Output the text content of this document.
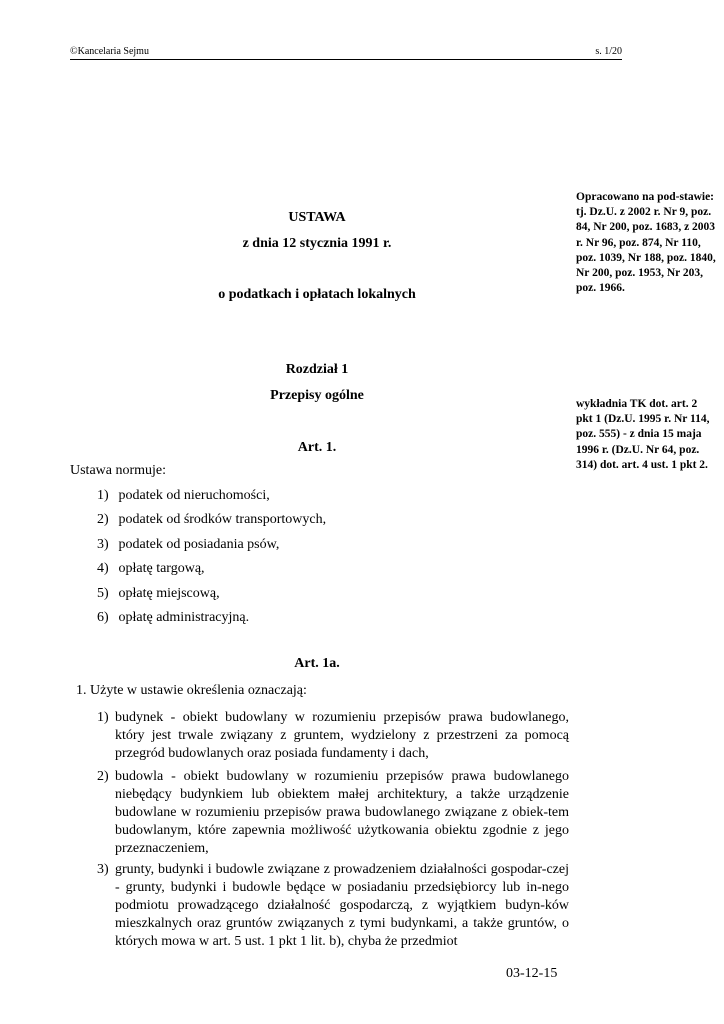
©Kancelaria Sejmu	s. 1/20
USTAWA
z dnia 12 stycznia 1991 r.
o podatkach i opłatach lokalnych
Opracowano na pod-stawie: tj. Dz.U. z 2002 r. Nr 9, poz. 84, Nr 200, poz. 1683, z 2003 r. Nr 96, poz. 874, Nr 110, poz. 1039, Nr 188, poz. 1840, Nr 200, poz. 1953, Nr 203, poz. 1966.
wykładnia TK dot. art. 2 pkt 1 (Dz.U. 1995 r. Nr 114, poz. 555) - z dnia 15 maja 1996 r. (Dz.U. Nr 64, poz. 314) dot. art. 4 ust. 1 pkt 2.
Rozdział 1
Przepisy ogólne
Art. 1.
Ustawa normuje:
1) podatek od nieruchomości,
2) podatek od środków transportowych,
3) podatek od posiadania psów,
4) opłatę targową,
5) opłatę miejscową,
6) opłatę administracyjną.
Art. 1a.
1. Użyte w ustawie określenia oznaczają:
1) budynek - obiekt budowlany w rozumieniu przepisów prawa budowlanego, który jest trwale związany z gruntem, wydzielony z przestrzeni za pomocą przegród budowlanych oraz posiada fundamenty i dach,
2) budowla - obiekt budowlany w rozumieniu przepisów prawa budowlanego niebędący budynkiem lub obiektem małej architektury, a także urządzenie budowlane w rozumieniu przepisów prawa budowlanego związane z obiek-tem budowlanym, które zapewnia możliwość użytkowania obiektu zgodnie z jego przeznaczeniem,
3) grunty, budynki i budowle związane z prowadzeniem działalności gospodar-czej - grunty, budynki i budowle będące w posiadaniu przedsiębiorcy lub in-nego podmiotu prowadzącego działalność gospodarczą, z wyjątkiem budyn-ków mieszkalnych oraz gruntów związanych z tymi budynkami, a także gruntów, o których mowa w art. 5 ust. 1 pkt 1 lit. b), chyba że przedmiot
03-12-15
